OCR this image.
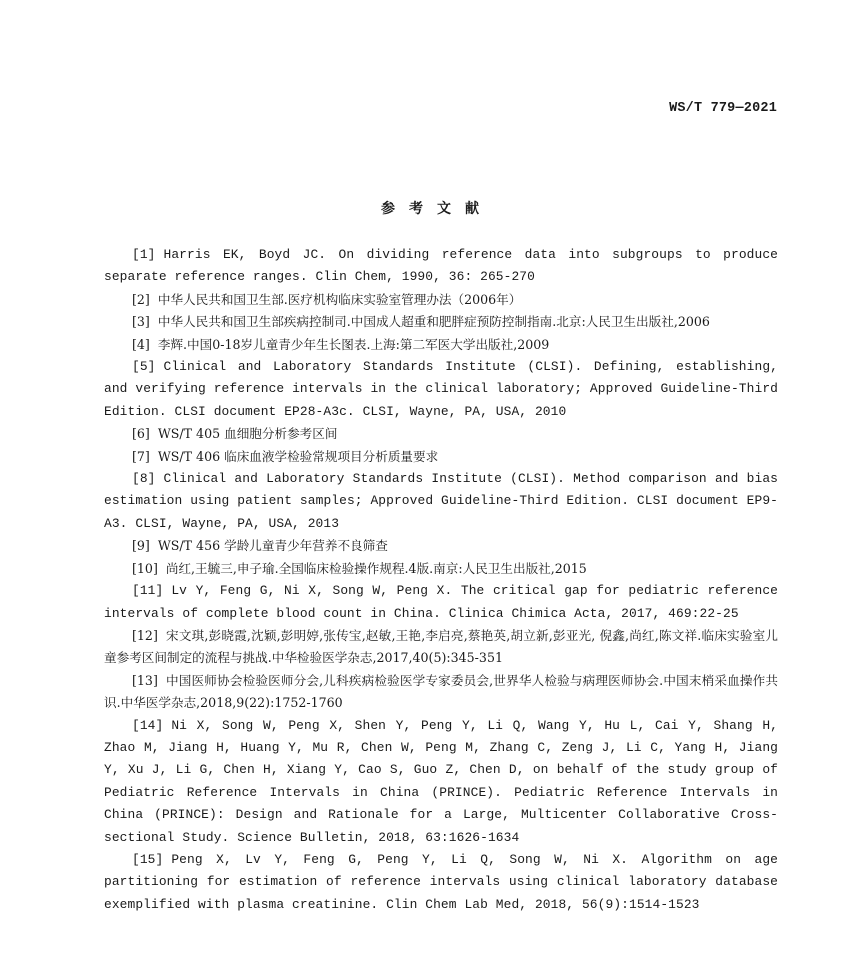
WS/T 779—2021
参考文献

[1] Harris EK, Boyd JC. On dividing reference data into subgroups to produce separate reference ranges. Clin Chem, 1990, 36: 265-270

[2] 中华人民共和国卫生部.医疗机构临床实验室管理办法（2006年）

[3] 中华人民共和国卫生部疾病控制司.中国成人超重和肥胖症预防控制指南.北京:人民卫生出版社,2006

[4] 李辉.中国0-18岁儿童青少年生长图表.上海:第二军医大学出版社,2009

[5] Clinical and Laboratory Standards Institute (CLSI). Defining, establishing, and verifying reference intervals in the clinical laboratory; Approved Guideline-Third Edition. CLSI document EP28-A3c. CLSI, Wayne, PA, USA, 2010

[6] WS/T 405 血细胞分析参考区间

[7] WS/T 406 临床血液学检验常规项目分析质量要求

[8] Clinical and Laboratory Standards Institute (CLSI). Method comparison and bias estimation using patient samples; Approved Guideline-Third Edition. CLSI document EP9-A3. CLSI, Wayne, PA, USA, 2013

[9] WS/T 456 学龄儿童青少年营养不良筛查

[10] 尚红,王毓三,申子瑜.全国临床检验操作规程.4版.南京:人民卫生出版社,2015

[11] Lv Y, Feng G, Ni X, Song W, Peng X. The critical gap for pediatric reference intervals of complete blood count in China. Clinica Chimica Acta, 2017, 469:22-25

[12] 宋文琪,彭晓霞,沈颖,彭明婷,张传宝,赵敏,王艳,李启亮,蔡艳英,胡立新,彭亚光, 倪鑫,尚红,陈文祥.临床实验室儿童参考区间制定的流程与挑战.中华检验医学杂志,2017,40(5):345-351

[13] 中国医师协会检验医师分会,儿科疾病检验医学专家委员会,世界华人检验与病理医师协会.中国末梢采血操作共识.中华医学杂志,2018,9(22):1752-1760

[14] Ni X, Song W, Peng X, Shen Y, Peng Y, Li Q, Wang Y, Hu L, Cai Y, Shang H, Zhao M, Jiang H, Huang Y, Mu R, Chen W, Peng M, Zhang C, Zeng J, Li C, Yang H, Jiang Y, Xu J, Li G, Chen H, Xiang Y, Cao S, Guo Z, Chen D, on behalf of the study group of Pediatric Reference Intervals in China (PRINCE). Pediatric Reference Intervals in China (PRINCE): Design and Rationale for a Large, Multicenter Collaborative Cross-sectional Study. Science Bulletin, 2018, 63:1626-1634

[15] Peng X, Lv Y, Feng G, Peng Y, Li Q, Song W, Ni X. Algorithm on age partitioning for estimation of reference intervals using clinical laboratory database exemplified with plasma creatinine. Clin Chem Lab Med, 2018, 56(9):1514-1523
